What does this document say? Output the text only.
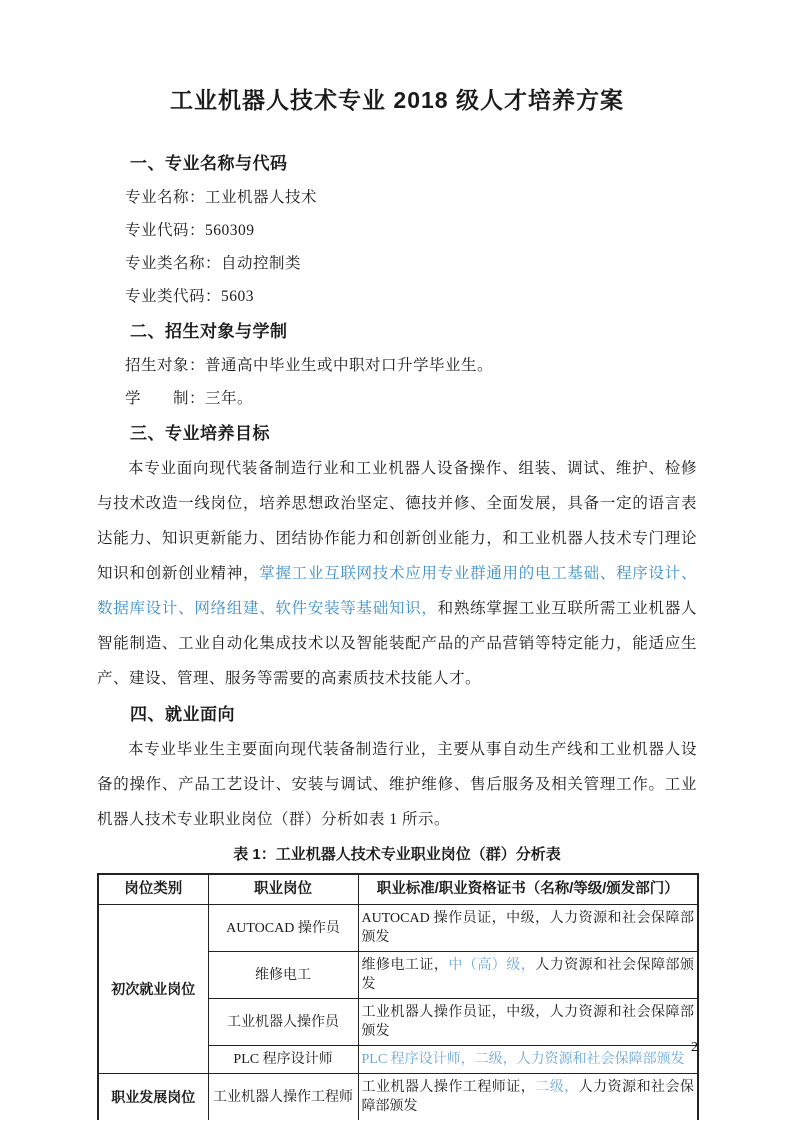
工业机器人技术专业 2018 级人才培养方案
一、专业名称与代码
专业名称：工业机器人技术
专业代码：560309
专业类名称：自动控制类
专业类代码：5603
二、招生对象与学制
招生对象：普通高中毕业生或中职对口升学毕业生。
学　　制：三年。
三、专业培养目标

本专业面向现代装备制造行业和工业机器人设备操作、组装、调试、维护、检修与技术改造一线岗位，培养思想政治坚定、德技并修、全面发展，具备一定的语言表达能力、知识更新能力、团结协作能力和创新创业能力，和工业机器人技术专门理论知识和创新创业精神，掌握工业互联网技术应用专业群通用的电工基础、程序设计、数据库设计、网络组建、软件安装等基础知识，和熟练掌握工业互联所需工业机器人智能制造、工业自动化集成技术以及智能装配产品的产品营销等特定能力，能适应生产、建设、管理、服务等需要的高素质技术技能人才。

四、就业面向

本专业毕业生主要面向现代装备制造行业，主要从事自动生产线和工业机器人设备的操作、产品工艺设计、安装与调试、维护维修、售后服务及相关管理工作。工业机器人技术专业职业岗位（群）分析如表 1 所示。

表 1：工业机器人技术专业职业岗位（群）分析表
岗位类别	职业岗位	职业标准/职业资格证书（名称/等级/颁发部门）
初次就业岗位	AUTOCAD 操作员	AUTOCAD 操作员证，中级，人力资源和社会保障部颁发
	维修电工	维修电工证，中（高）级，人力资源和社会保障部颁发
	工业机器人操作员	工业机器人操作员证，中级，人力资源和社会保障部颁发
	PLC 程序设计师	PLC 程序设计师，二级，人力资源和社会保障部颁发
职业发展岗位	工业机器人操作工程师	工业机器人操作工程师证，二级，人力资源和社会保障部颁发
2
